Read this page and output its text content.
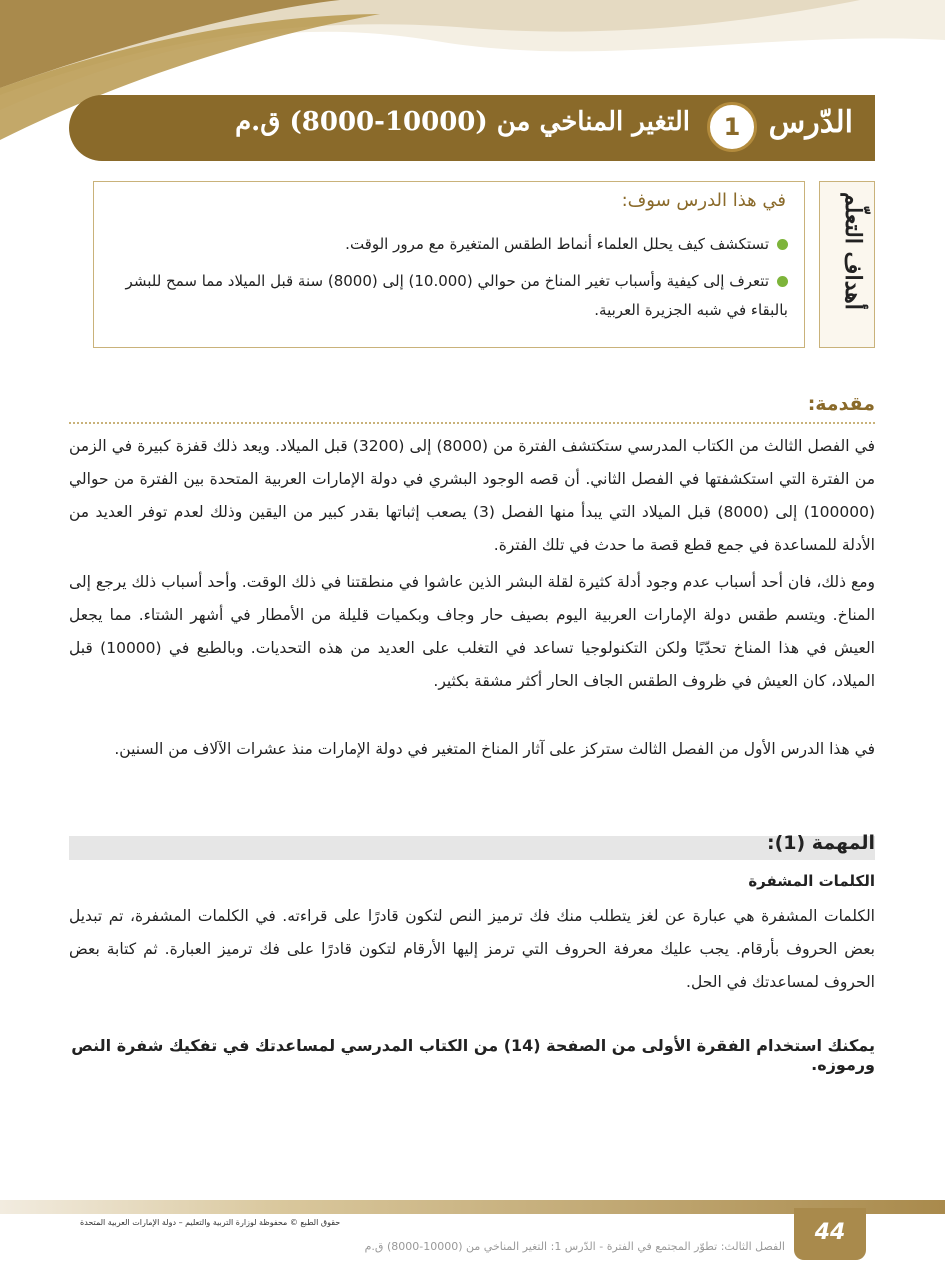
الدّرس
1
التغير المناخي من (10000-8000) ق.م
أهداف التعلّم
في هذا الدرس سوف:
تستكشف كيف يحلل العلماء أنماط الطقس المتغيرة مع مرور الوقت.
تتعرف إلى كيفية وأسباب تغير المناخ من حوالي (10.000) إلى (8000) سنة قبل الميلاد مما سمح للبشر بالبقاء في شبه الجزيرة العربية.
مقدمة:
في الفصل الثالث من الكتاب المدرسي ستكتشف الفترة من (8000) إلى (3200) قبل الميلاد. ويعد ذلك قفزة كبيرة في الزمن من الفترة التي استكشفتها في الفصل الثاني. أن قصه الوجود البشري في دولة الإمارات العربية المتحدة بين الفترة من حوالي (100000) إلى (8000) قبل الميلاد التي يبدأ منها الفصل (3) يصعب إثباتها بقدر كبير من اليقين وذلك لعدم توفر العديد من الأدلة للمساعدة في جمع قطع قصة ما حدث في تلك الفترة.
ومع ذلك، فان أحد أسباب عدم وجود أدلة كثيرة لقلة البشر الذين عاشوا في منطقتنا في ذلك الوقت. وأحد أسباب ذلك يرجع إلى المناخ. ويتسم طقس دولة الإمارات العربية اليوم بصيف حار وجاف وبكميات قليلة من الأمطار في أشهر الشتاء. مما يجعل العيش في هذا المناخ تحدّيًا ولكن التكنولوجيا تساعد في التغلب على العديد من هذه التحديات. وبالطبع في (10000) قبل الميلاد، كان العيش في ظروف الطقس الجاف الحار أكثر مشقة بكثير.
في هذا الدرس الأول من الفصل الثالث ستركز على آثار المناخ المتغير في دولة الإمارات منذ عشرات الآلاف من السنين.
المهمة (1):
الكلمات المشفرة
الكلمات المشفرة هي عبارة عن لغز يتطلب منك فك ترميز النص لتكون قادرًا على قراءته. في الكلمات المشفرة، تم تبديل بعض الحروف بأرقام. يجب عليك معرفة الحروف التي ترمز إليها الأرقام لتكون قادرًا على فك ترميز العبارة. ثم كتابة بعض الحروف لمساعدتك في الحل.
يمكنك استخدام الفقرة الأولى من الصفحة (14) من الكتاب المدرسي لمساعدتك في تفكيك شفرة النص ورموزه.
44
الفصل الثالث: تطوّر المجتمع في الفترة - الدّرس 1: التغير المناخي من (10000-8000) ق.م
حقوق الطبع © محفوظة لوزارة التربية والتعليم – دولة الإمارات العربية المتحدة
